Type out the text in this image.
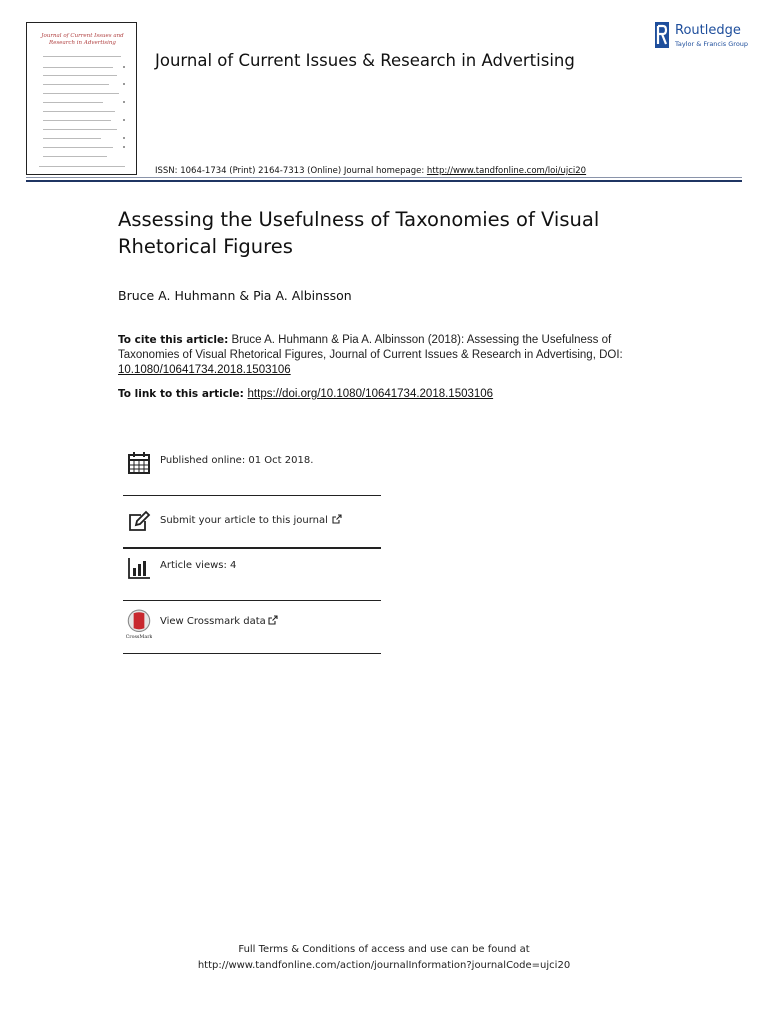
Journal of Current Issues and Research in Advertising
Journal of Current Issues & Research in Advertising
Routledge
Taylor & Francis Group
ISSN: 1064-1734 (Print) 2164-7313 (Online) Journal homepage: http://www.tandfonline.com/loi/ujci20
Assessing the Usefulness of Taxonomies of Visual Rhetorical Figures
Bruce A. Huhmann & Pia A. Albinsson
To cite this article: Bruce A. Huhmann & Pia A. Albinsson (2018): Assessing the Usefulness of Taxonomies of Visual Rhetorical Figures, Journal of Current Issues & Research in Advertising, DOI: 10.1080/10641734.2018.1503106
To link to this article: https://doi.org/10.1080/10641734.2018.1503106
Published online: 01 Oct 2018.
Submit your article to this journal
Article views: 4
CrossMark
View Crossmark data
Full Terms & Conditions of access and use can be found at
http://www.tandfonline.com/action/journalInformation?journalCode=ujci20
